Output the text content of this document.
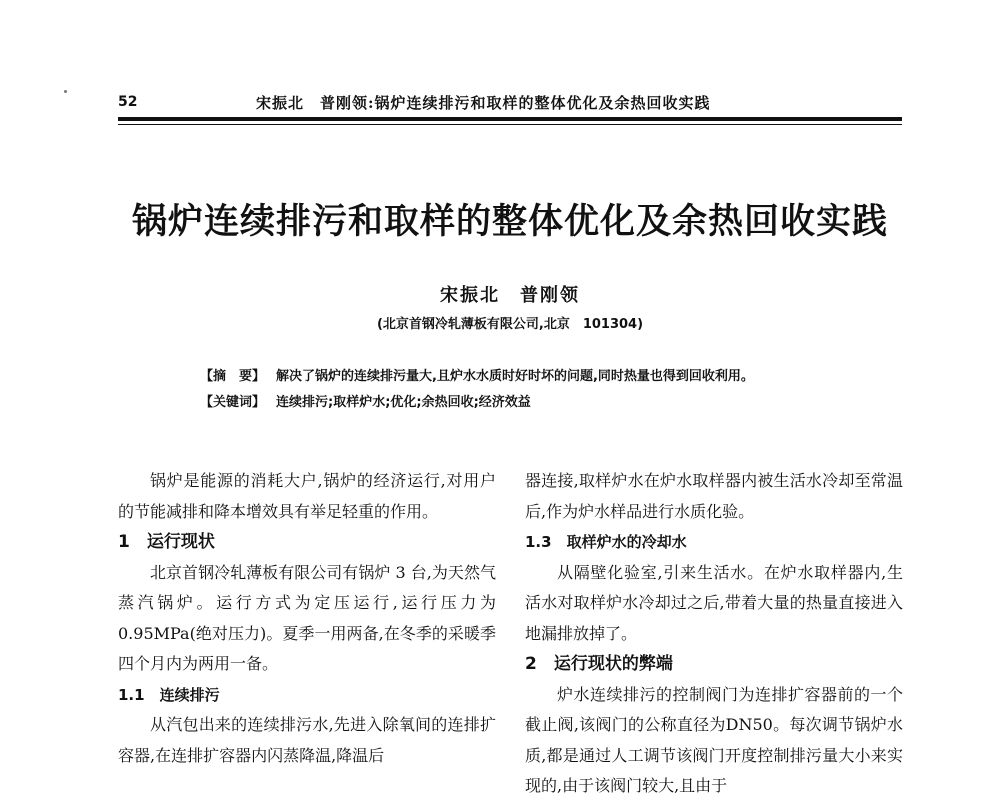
52	宋振北　普刚领:锅炉连续排污和取样的整体优化及余热回收实践
锅炉连续排污和取样的整体优化及余热回收实践
宋振北　普刚领
(北京首钢冷轧薄板有限公司,北京　101304)
【摘　要】 解决了锅炉的连续排污量大,且炉水水质时好时坏的问题,同时热量也得到回收利用。
【关键词】 连续排污;取样炉水;优化;余热回收;经济效益

锅炉是能源的消耗大户,锅炉的经济运行,对用户的节能减排和降本增效具有举足轻重的作用。

1　运行现状

北京首钢冷轧薄板有限公司有锅炉 3 台,为天然气蒸汽锅炉。运行方式为定压运行,运行压力为0.95MPa(绝对压力)。夏季一用两备,在冬季的采暖季四个月内为两用一备。

1.1　连续排污

从汽包出来的连续排污水,先进入除氧间的连排扩容器,在连排扩容器内闪蒸降温,降温后

器连接,取样炉水在炉水取样器内被生活水冷却至常温后,作为炉水样品进行水质化验。

1.3　取样炉水的冷却水

从隔壁化验室,引来生活水。在炉水取样器内,生活水对取样炉水冷却过之后,带着大量的热量直接进入地漏排放掉了。

2　运行现状的弊端

炉水连续排污的控制阀门为连排扩容器前的一个截止阀,该阀门的公称直径为DN50。每次调节锅炉水质,都是通过人工调节该阀门开度控制排污量大小来实现的,由于该阀门较大,且由于
